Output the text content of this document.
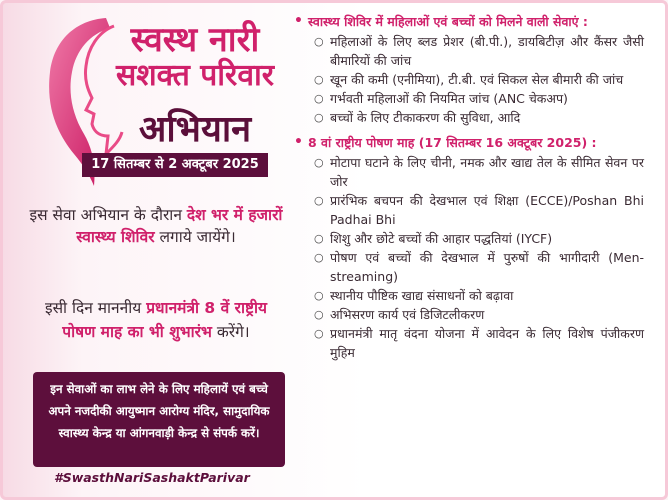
स्वस्थ नारी
सशक्त परिवार
अभियान
17 सितम्बर से 2 अक्टूबर 2025
इस सेवा अभियान के दौरान देश भर में हजारों स्वास्थ्य शिविर लगाये जायेंगे।
इसी दिन माननीय प्रधानमंत्री 8 वें राष्ट्रीय पोषण माह का भी शुभारंभ करेंगे।
इन सेवाओं का लाभ लेने के लिए महिलायें एवं बच्चे अपने नजदीकी आयुष्मान आरोग्य मंदिर, सामुदायिक स्वास्थ्य केन्द्र या आंगनवाड़ी केन्द्र से संपर्क करें।
#SwasthNariSashaktParivar
• स्वास्थ्य शिविर में महिलाओं एवं बच्चों को मिलने वाली सेवाएं :
○ महिलाओं के लिए ब्लड प्रेशर (बी.पी.), डायबिटीज़ और कैंसर जैसी बीमारियों की जांच
○ खून की कमी (एनीमिया), टी.बी. एवं सिकल सेल बीमारी की जांच
○ गर्भवती महिलाओं की नियमित जांच (ANC चेकअप)
○ बच्चों के लिए टीकाकरण की सुविधा, आदि
• 8 वां राष्ट्रीय पोषण माह (17 सितम्बर 16 अक्टूबर 2025) :
○ मोटापा घटाने के लिए चीनी, नमक और खाद्य तेल के सीमित सेवन पर जोर
○ प्रारंभिक बचपन की देखभाल एवं शिक्षा (ECCE)/Poshan Bhi Padhai Bhi
○ शिशु और छोटे बच्चों की आहार पद्धतियां (IYCF)
○ पोषण एवं बच्चों की देखभाल में पुरुषों की भागीदारी (Men-streaming)
○ स्थानीय पौष्टिक खाद्य संसाधनों को बढ़ावा
○ अभिसरण कार्य एवं डिजिटलीकरण
○ प्रधानमंत्री मातृ वंदना योजना में आवेदन के लिए विशेष पंजीकरण मुहिम
